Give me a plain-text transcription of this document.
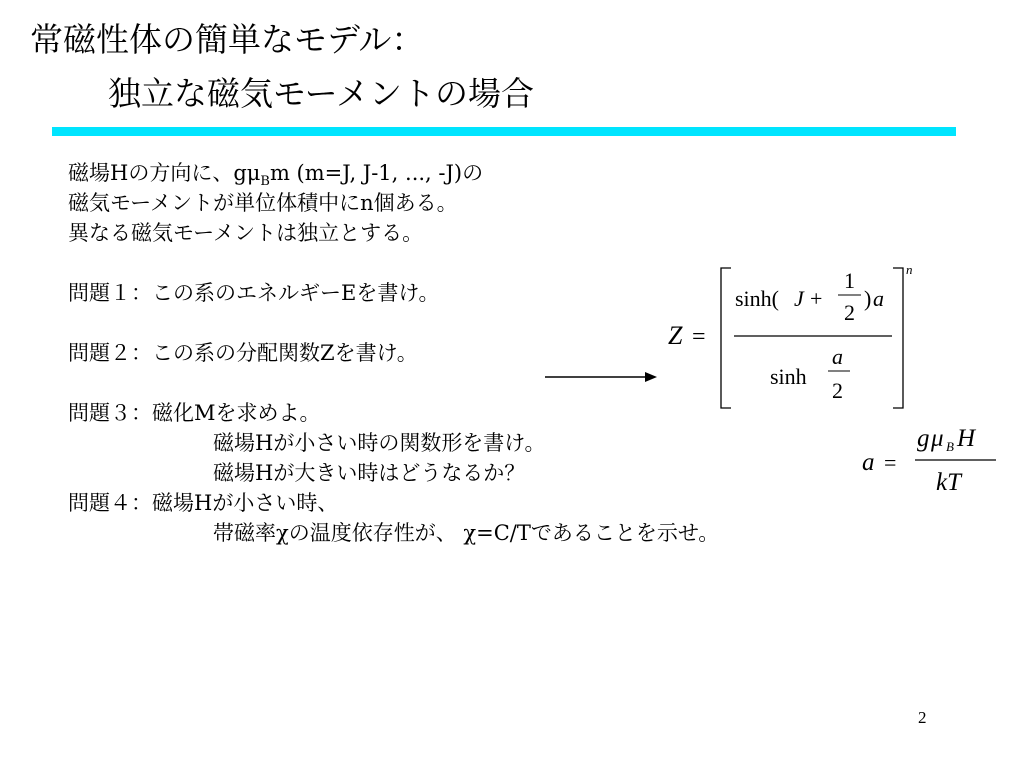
常磁性体の簡単なモデル：
独立な磁気モーメントの場合
磁場Hの方向に、$g\mu_Bm$ (m=J, J-1, ..., -J)の
磁気モーメントが単位体積中にn個ある。
異なる磁気モーメントは独立とする。
問題１：この系のエネルギーEを書け。
問題２：この系の分配関数Zを書け。
問題３：磁化Mを求めよ。
磁場Hが小さい時の関数形を書け。
磁場Hが大きい時はどうなるか？
問題４：磁場Hが小さい時、
帯磁率χの温度依存性が、 χ=C/Tであることを示せ。
Z =
sinh( J +
1
2
) a
sinh
a
2
n
a =
g μ B H
kT
2
